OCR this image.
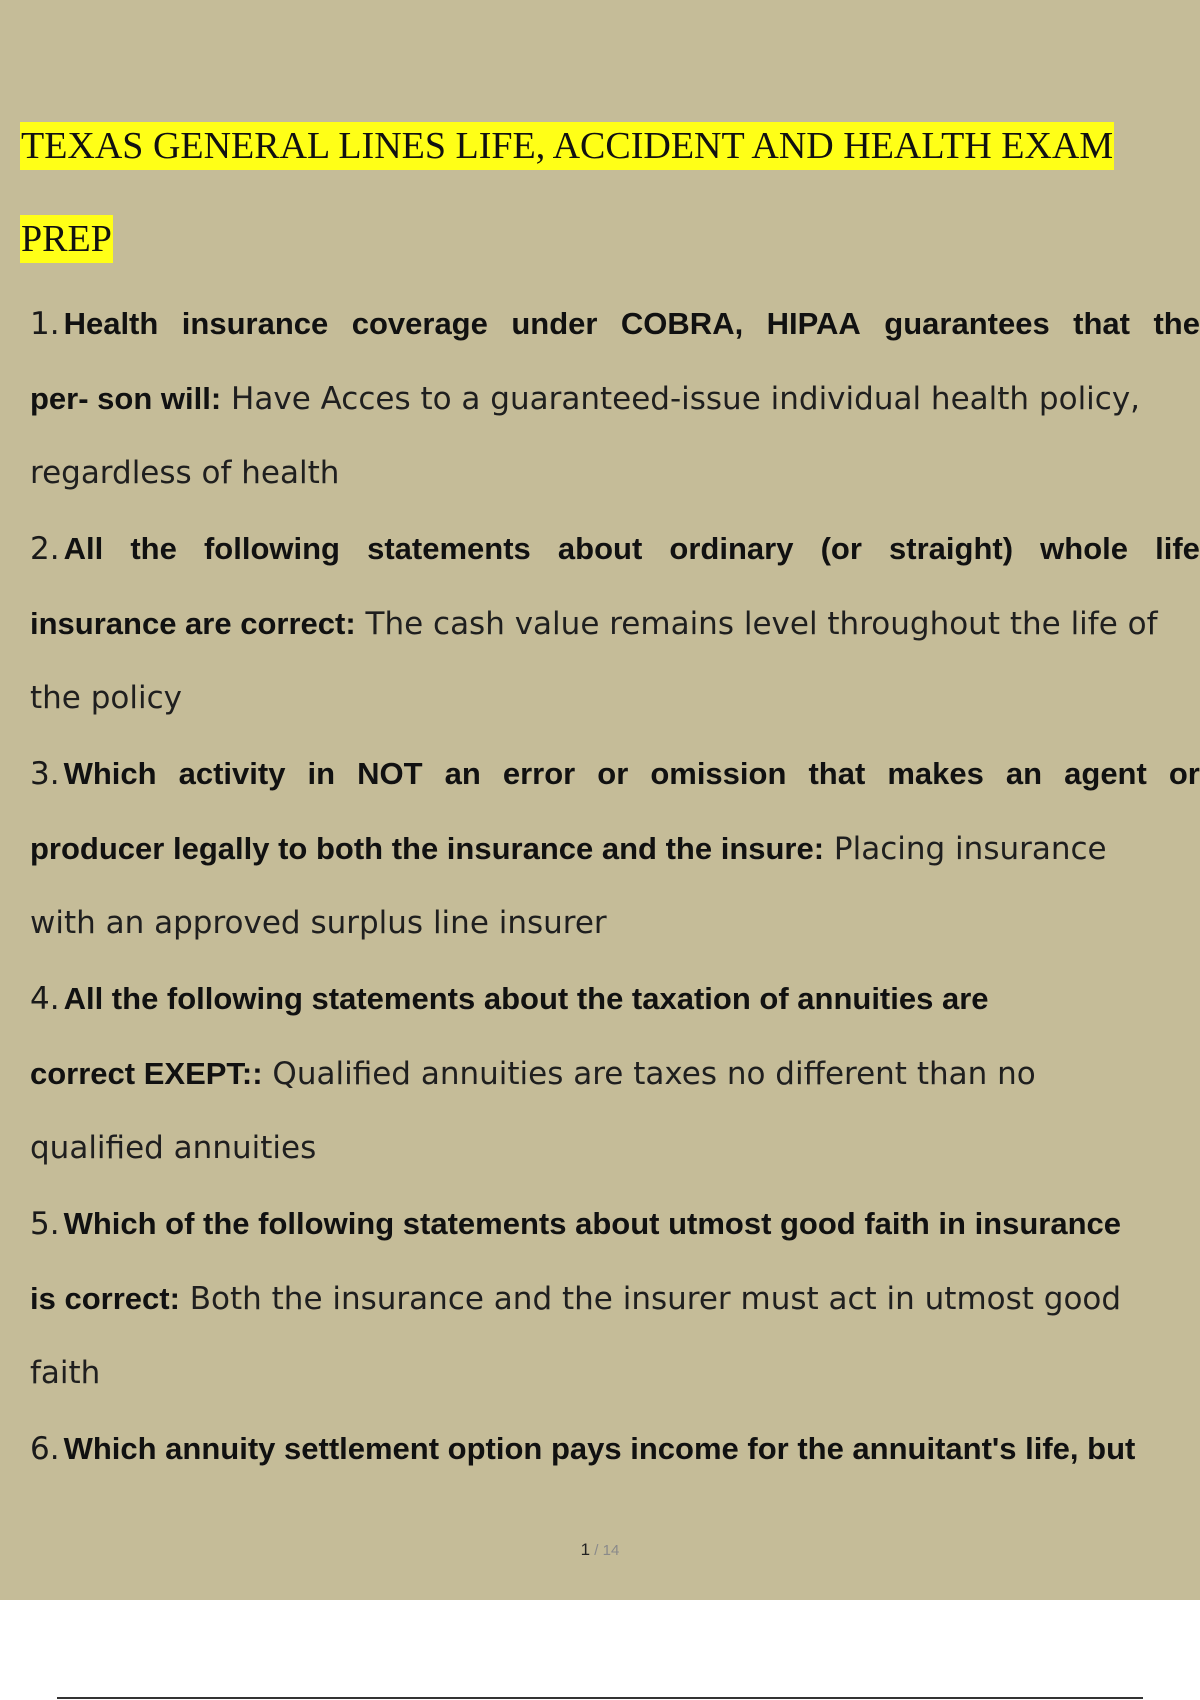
TEXAS GENERAL LINES LIFE, ACCIDENT AND HEALTH EXAM
PREP
1. Health insurance coverage under COBRA, HIPAA guarantees that the
per- son will: Have Acces to a guaranteed-issue individual health policy,
regardless of health
2. All the following statements about ordinary (or straight) whole life
insurance are correct: The cash value remains level throughout the life of
the policy
3. Which activity in NOT an error or omission that makes an agent or
producer legally to both the insurance and the insure: Placing insurance
with an approved surplus line insurer
4. All the following statements about the taxation of annuities are
correct EXEPT:: Qualified annuities are taxes no different than no
qualified annuities
5. Which of the following statements about utmost good faith in insurance
is correct: Both the insurance and the insurer must act in utmost good
faith
6. Which annuity settlement option pays income for the annuitant's life, but
1 / 14
